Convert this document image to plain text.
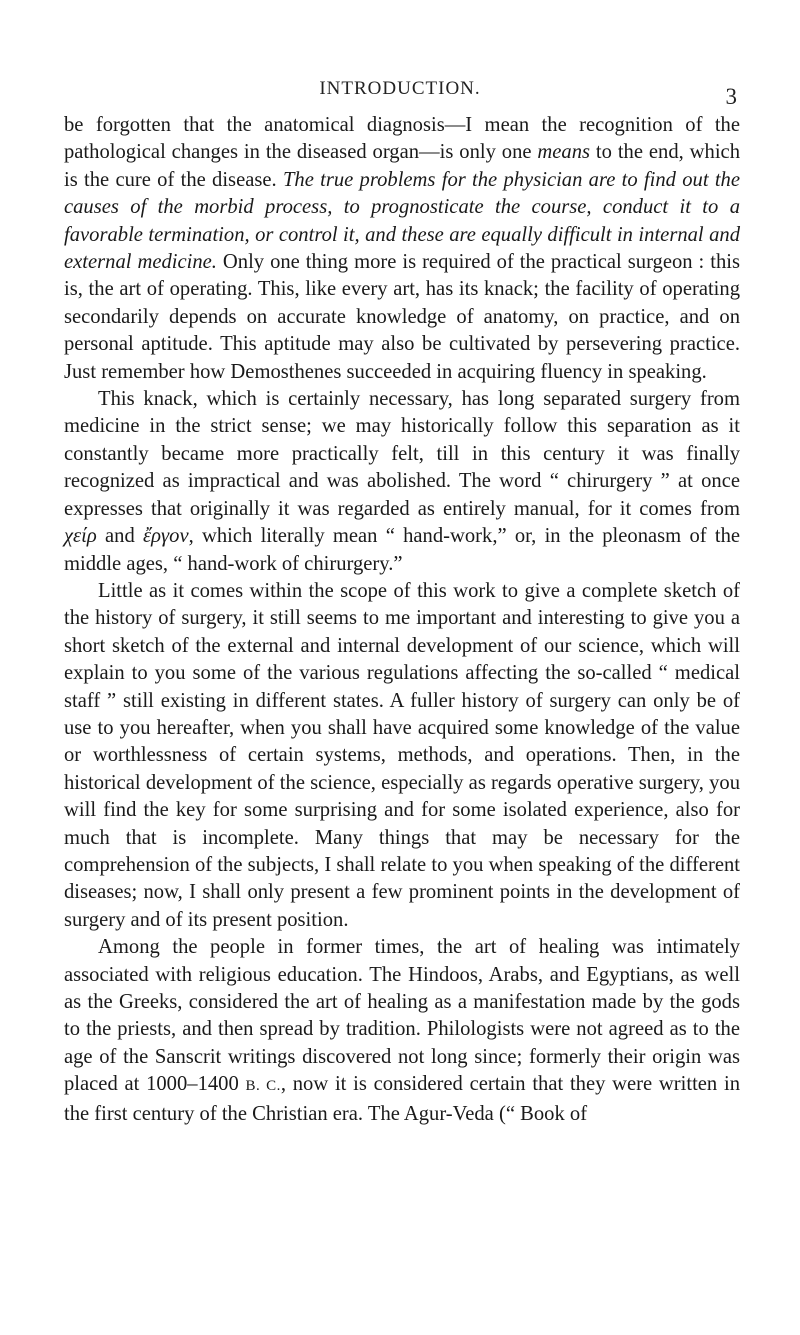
INTRODUCTION.	3

be forgotten that the anatomical diagnosis—I mean the recognition of the pathological changes in the diseased organ—is only one means to the end, which is the cure of the disease. The true problems for the physician are to find out the causes of the morbid process, to prognosticate the course, conduct it to a favorable termination, or control it, and these are equally difficult in internal and external medicine. Only one thing more is required of the practical surgeon : this is, the art of operating. This, like every art, has its knack; the facility of operating secondarily depends on accurate knowledge of anatomy, on practice, and on personal aptitude. This aptitude may also be cultivated by persevering practice. Just remember how Demosthenes succeeded in acquiring fluency in speaking.

This knack, which is certainly necessary, has long separated surgery from medicine in the strict sense; we may historically follow this separation as it constantly became more practically felt, till in this century it was finally recognized as impractical and was abolished. The word “ chirurgery ” at once expresses that originally it was regarded as entirely manual, for it comes from χείρ and ἔργον, which literally mean “ hand-work,” or, in the pleonasm of the middle ages, “ hand-work of chirurgery.”

Little as it comes within the scope of this work to give a complete sketch of the history of surgery, it still seems to me important and interesting to give you a short sketch of the external and internal development of our science, which will explain to you some of the various regulations affecting the so-called “ medical staff ” still existing in different states. A fuller history of surgery can only be of use to you hereafter, when you shall have acquired some knowledge of the value or worthlessness of certain systems, methods, and operations. Then, in the historical development of the science, especially as regards operative surgery, you will find the key for some surprising and for some isolated experience, also for much that is incomplete. Many things that may be necessary for the comprehension of the subjects, I shall relate to you when speaking of the different diseases; now, I shall only present a few prominent points in the development of surgery and of its present position.

Among the people in former times, the art of healing was intimately associated with religious education. The Hindoos, Arabs, and Egyptians, as well as the Greeks, considered the art of healing as a manifestation made by the gods to the priests, and then spread by tradition. Philologists were not agreed as to the age of the Sanscrit writings discovered not long since; formerly their origin was placed at 1000–1400 B. C., now it is considered certain that they were written in the first century of the Christian era. The Agur-Veda (“ Book of
